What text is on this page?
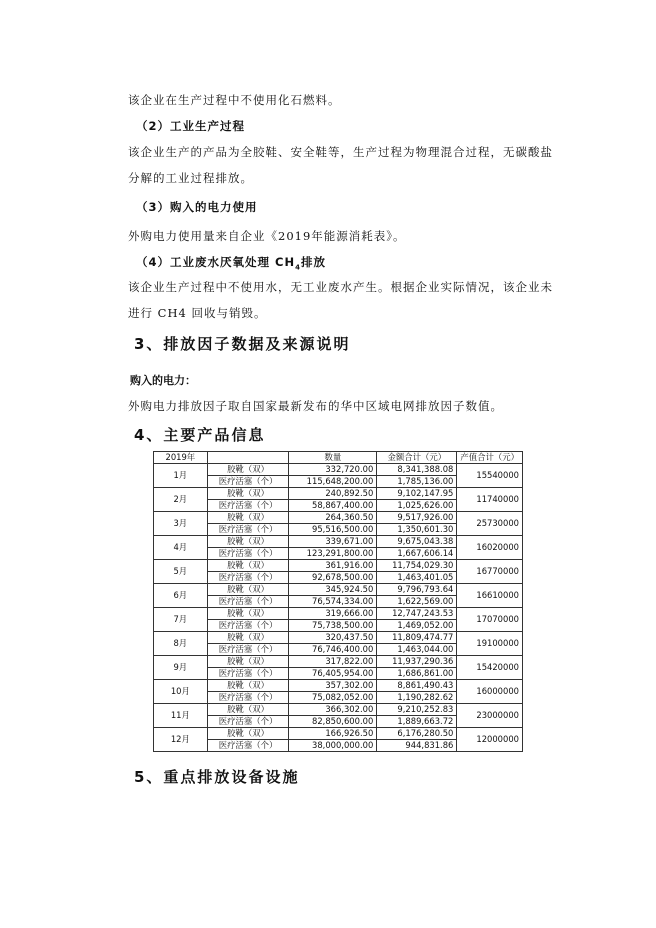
该企业在生产过程中不使用化石燃料。
（2）工业生产过程
该企业生产的产品为全胶鞋、安全鞋等，生产过程为物理混合过程，无碳酸盐分解的工业过程排放。
（3）购入的电力使用
外购电力使用量来自企业《2019年能源消耗表》。
（4）工业废水厌氧处理 $CH_4$排放
该企业生产过程中不使用水，无工业废水产生。根据企业实际情况，该企业未进行 CH4 回收与销毁。
3、排放因子数据及来源说明
购入的电力：
外购电力排放因子取自国家最新发布的华中区域电网排放因子数值。
4、主要产品信息
2019年		数量	金额合计（元）	产值合计（元）
1月	胶靴（双）	332,720.00	8,341,388.08	15540000
	医疗活塞（个）	115,648,200.00	1,785,136.00	
2月	胶靴（双）	240,892.50	9,102,147.95	11740000
	医疗活塞（个）	58,867,400.00	1,025,626.00	
3月	胶靴（双）	264,360.50	9,517,926.00	25730000
	医疗活塞（个）	95,516,500.00	1,350,601.30	
4月	胶靴（双）	339,671.00	9,675,043.38	16020000
	医疗活塞（个）	123,291,800.00	1,667,606.14	
5月	胶靴（双）	361,916.00	11,754,029.30	16770000
	医疗活塞（个）	92,678,500.00	1,463,401.05	
6月	胶靴（双）	345,924.50	9,796,793.64	16610000
	医疗活塞（个）	76,574,334.00	1,622,569.00	
7月	胶靴（双）	319,666.00	12,747,243.53	17070000
	医疗活塞（个）	75,738,500.00	1,469,052.00	
8月	胶靴（双）	320,437.50	11,809,474.77	19100000
	医疗活塞（个）	76,746,400.00	1,463,044.00	
9月	胶靴（双）	317,822.00	11,937,290.36	15420000
	医疗活塞（个）	76,405,954.00	1,686,861.00	
10月	胶靴（双）	357,302.00	8,861,490.43	16000000
	医疗活塞（个）	75,082,052.00	1,190,282.62	
11月	胶靴（双）	366,302.00	9,210,252.83	23000000
	医疗活塞（个）	82,850,600.00	1,889,663.72	
12月	胶靴（双）	166,926.50	6,176,280.50	12000000
	医疗活塞（个）	38,000,000.00	944,831.86	
5、重点排放设备设施
